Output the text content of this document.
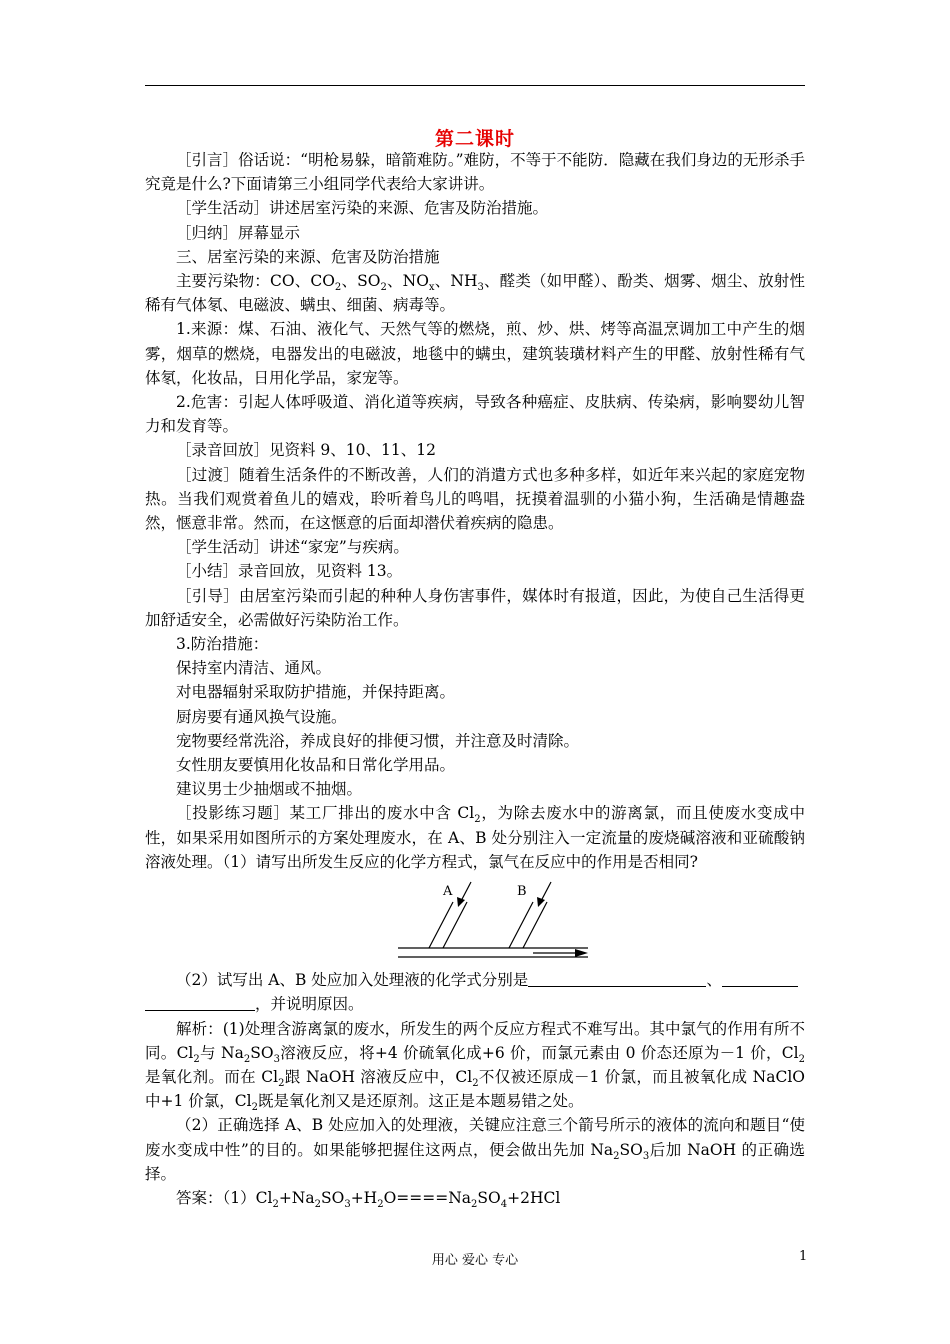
第二课时

［引言］俗话说：“明枪易躲，暗箭难防。”难防，不等于不能防．隐藏在我们身边的无形杀手究竟是什么?下面请第三小组同学代表给大家讲讲。

［学生活动］讲述居室污染的来源、危害及防治措施。

［归纳］屏幕显示

三、居室污染的来源、危害及防治措施

主要污染物：CO、$CO_2$、$SO_2$、$NO_x$、$NH_3$、醛类（如甲醛）、酚类、烟雾、烟尘、放射性稀有气体氡、电磁波、螨虫、细菌、病毒等。

1.来源：煤、石油、液化气、天然气等的燃烧，煎、炒、烘、烤等高温烹调加工中产生的烟雾，烟草的燃烧，电器发出的电磁波，地毯中的螨虫，建筑装璜材料产生的甲醛、放射性稀有气体氡，化妆品，日用化学品，家宠等。

2.危害：引起人体呼吸道、消化道等疾病，导致各种癌症、皮肤病、传染病，影响婴幼儿智力和发育等。

［录音回放］见资料 9、10、11、12

［过渡］随着生活条件的不断改善，人们的消遣方式也多种多样，如近年来兴起的家庭宠物热。当我们观赏着鱼儿的嬉戏，聆听着鸟儿的鸣唱，抚摸着温驯的小猫小狗，生活确是情趣盎然，惬意非常。然而，在这惬意的后面却潜伏着疾病的隐患。

［学生活动］讲述“家宠”与疾病。

［小结］录音回放，见资料 13。

［引导］由居室污染而引起的种种人身伤害事件，媒体时有报道，因此，为使自己生活得更加舒适安全，必需做好污染防治工作。

3.防治措施：

保持室内清洁、通风。

对电器辐射采取防护措施，并保持距离。

厨房要有通风换气设施。

宠物要经常洗浴，养成良好的排便习惯，并注意及时清除。

女性朋友要慎用化妆品和日常化学用品。

建议男士少抽烟或不抽烟。

［投影练习题］某工厂排出的废水中含 $Cl_2$，为除去废水中的游离氯，而且使废水变成中性，如果采用如图所示的方案处理废水，在 A、B 处分别注入一定流量的废烧碱溶液和亚硫酸钠溶液处理。（1）请写出所发生反应的化学方程式，氯气在反应中的作用是否相同?

A	B

（2）试写出 A、B 处应加入处理液的化学式分别是	、
，并说明原因。

解析：(1)处理含游离氯的废水，所发生的两个反应方程式不难写出。其中氯气的作用有所不同。$Cl_2$与 $Na_2SO_3$溶液反应，将+4 价硫氧化成+6 价，而氯元素由 0 价态还原为－1 价，$Cl_2$是氧化剂。而在 $Cl_2$跟 NaOH 溶液反应中，$Cl_2$不仅被还原成－1 价氯，而且被氧化成 NaClO 中+1 价氯，$Cl_2$既是氧化剂又是还原剂。这正是本题易错之处。

（2）正确选择 A、B 处应加入的处理液，关键应注意三个箭号所示的液体的流向和题目“使废水变成中性”的目的。如果能够把握住这两点，便会做出先加 $Na_2SO_3$后加 NaOH 的正确选择。

答案：$(1)Cl_2+Na_2SO_3+H_2O====Na_2SO_4+2HCl$

用心 爱心 专心	1
